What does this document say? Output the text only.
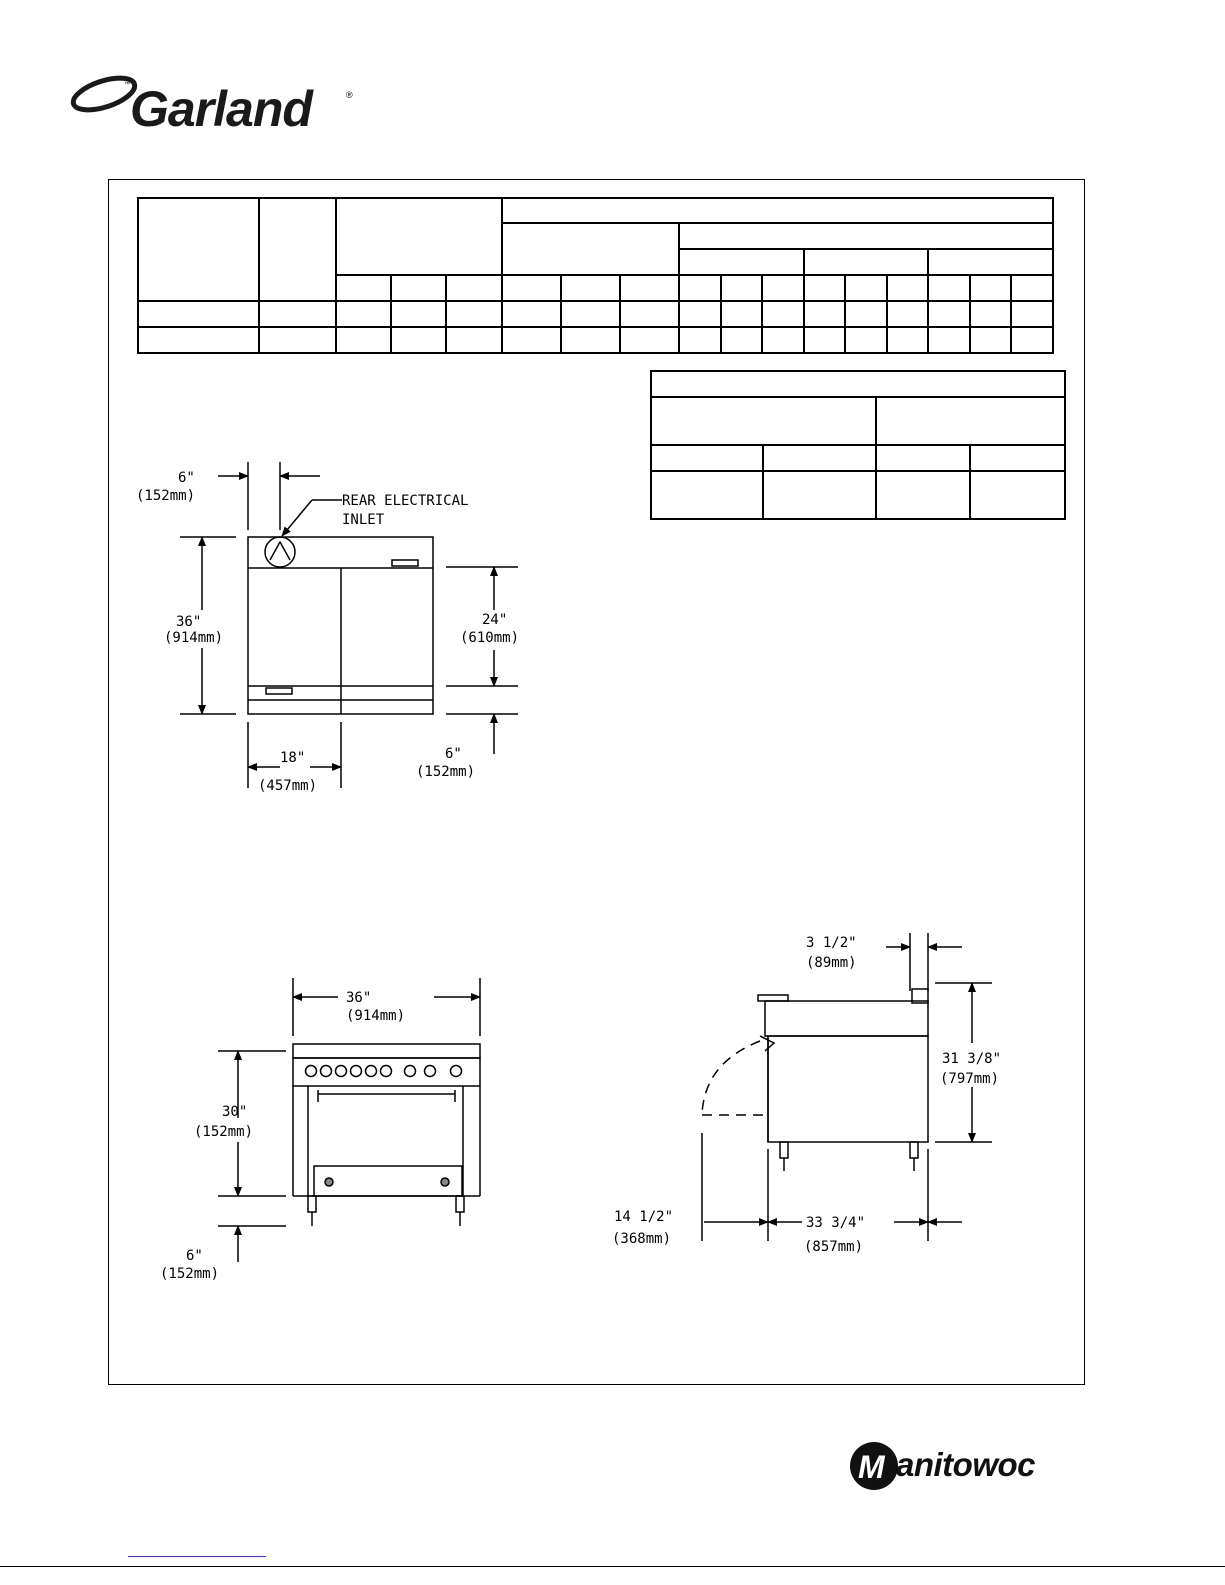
™ Garland	®

6"
(152mm)	REAR ELECTRICAL
INLET
36"
(914mm)
24"
(610mm)
6"
(152mm)
18"
(457mm)
36"
(914mm)
30"
(152mm)
6"
(152mm)
3 1/2"
(89mm)
31 3/8"
(797mm)
14 1/2"
(368mm)
33 3/4"
(857mm)
M anitowoc
